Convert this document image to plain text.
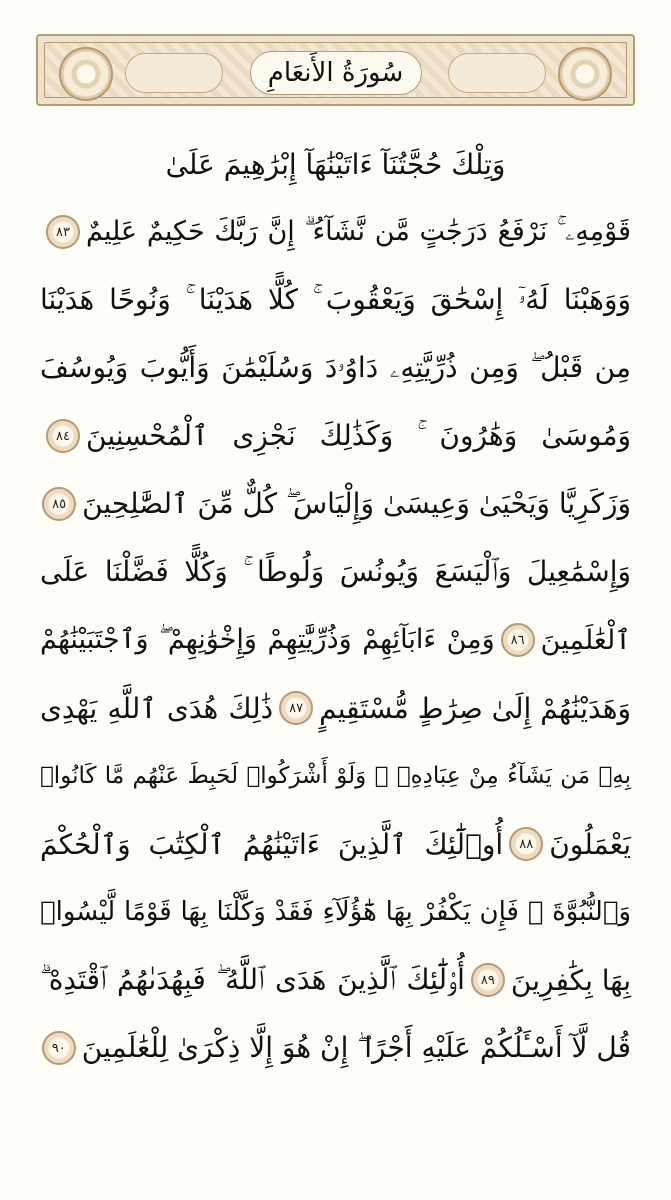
سُورَةُ الأَنعَامِ
وَتِلْكَ حُجَّتُنَآ ءَاتَيْنَٰهَآ إِبْرَٰهِيمَ عَلَىٰ
قَوْمِهِۦ ۚ نَرْفَعُ دَرَجَٰتٍ مَّن نَّشَآءُ ۗ إِنَّ رَبَّكَ حَكِيمٌ عَلِيمٌ
٨٣
وَوَهَبْنَا لَهُۥٓ إِسْحَٰقَ وَيَعْقُوبَ ۚ كُلًّا هَدَيْنَا ۚ وَنُوحًا هَدَيْنَا
مِن قَبْلُ ۖ وَمِن ذُرِّيَّتِهِۦ دَاوُۥدَ وَسُلَيْمَٰنَ وَأَيُّوبَ وَيُوسُفَ
وَمُوسَىٰ وَهَٰرُونَ ۚ وَكَذَٰلِكَ نَجْزِى ٱلْمُحْسِنِينَ
٨٤
وَزَكَرِيَّا وَيَحْيَىٰ وَعِيسَىٰ وَإِلْيَاسَ ۖ كُلٌّ مِّنَ ٱلصَّٰلِحِينَ
٨٥
وَإِسْمَٰعِيلَ وَٱلْيَسَعَ وَيُونُسَ وَلُوطًا ۚ وَكُلًّا فَضَّلْنَا عَلَى
ٱلْعَٰلَمِينَ
٨٦
وَمِنْ ءَابَآئِهِمْ وَذُرِّيَّٰتِهِمْ وَإِخْوَٰنِهِمْ ۖ وَٱجْتَبَيْنَٰهُمْ
وَهَدَيْنَٰهُمْ إِلَىٰ صِرَٰطٍ مُّسْتَقِيمٍ
٨٧
ذَٰلِكَ هُدَى ٱللَّهِ يَهْدِى
بِهِۦ مَن يَشَآءُ مِنْ عِبَادِهِۦ ۚ وَلَوْ أَشْرَكُوا۟ لَحَبِطَ عَنْهُم مَّا كَانُوا۟
يَعْمَلُونَ
٨٨
أُو۟لَٰٓئِكَ ٱلَّذِينَ ءَاتَيْنَٰهُمُ ٱلْكِتَٰبَ وَٱلْحُكْمَ
وَٱلنُّبُوَّةَ ۚ فَإِن يَكْفُرْ بِهَا هَٰٓؤُلَآءِ فَقَدْ وَكَّلْنَا بِهَا قَوْمًا لَّيْسُوا۟
بِهَا بِكَٰفِرِينَ
٨٩
أُو۟لَٰٓئِكَ ٱلَّذِينَ هَدَى ٱللَّهُ ۖ فَبِهُدَىٰهُمُ ٱقْتَدِهْ ۗ
قُل لَّآ أَسْـَٔلُكُمْ عَلَيْهِ أَجْرًا ۖ إِنْ هُوَ إِلَّا ذِكْرَىٰ لِلْعَٰلَمِينَ
٩٠
